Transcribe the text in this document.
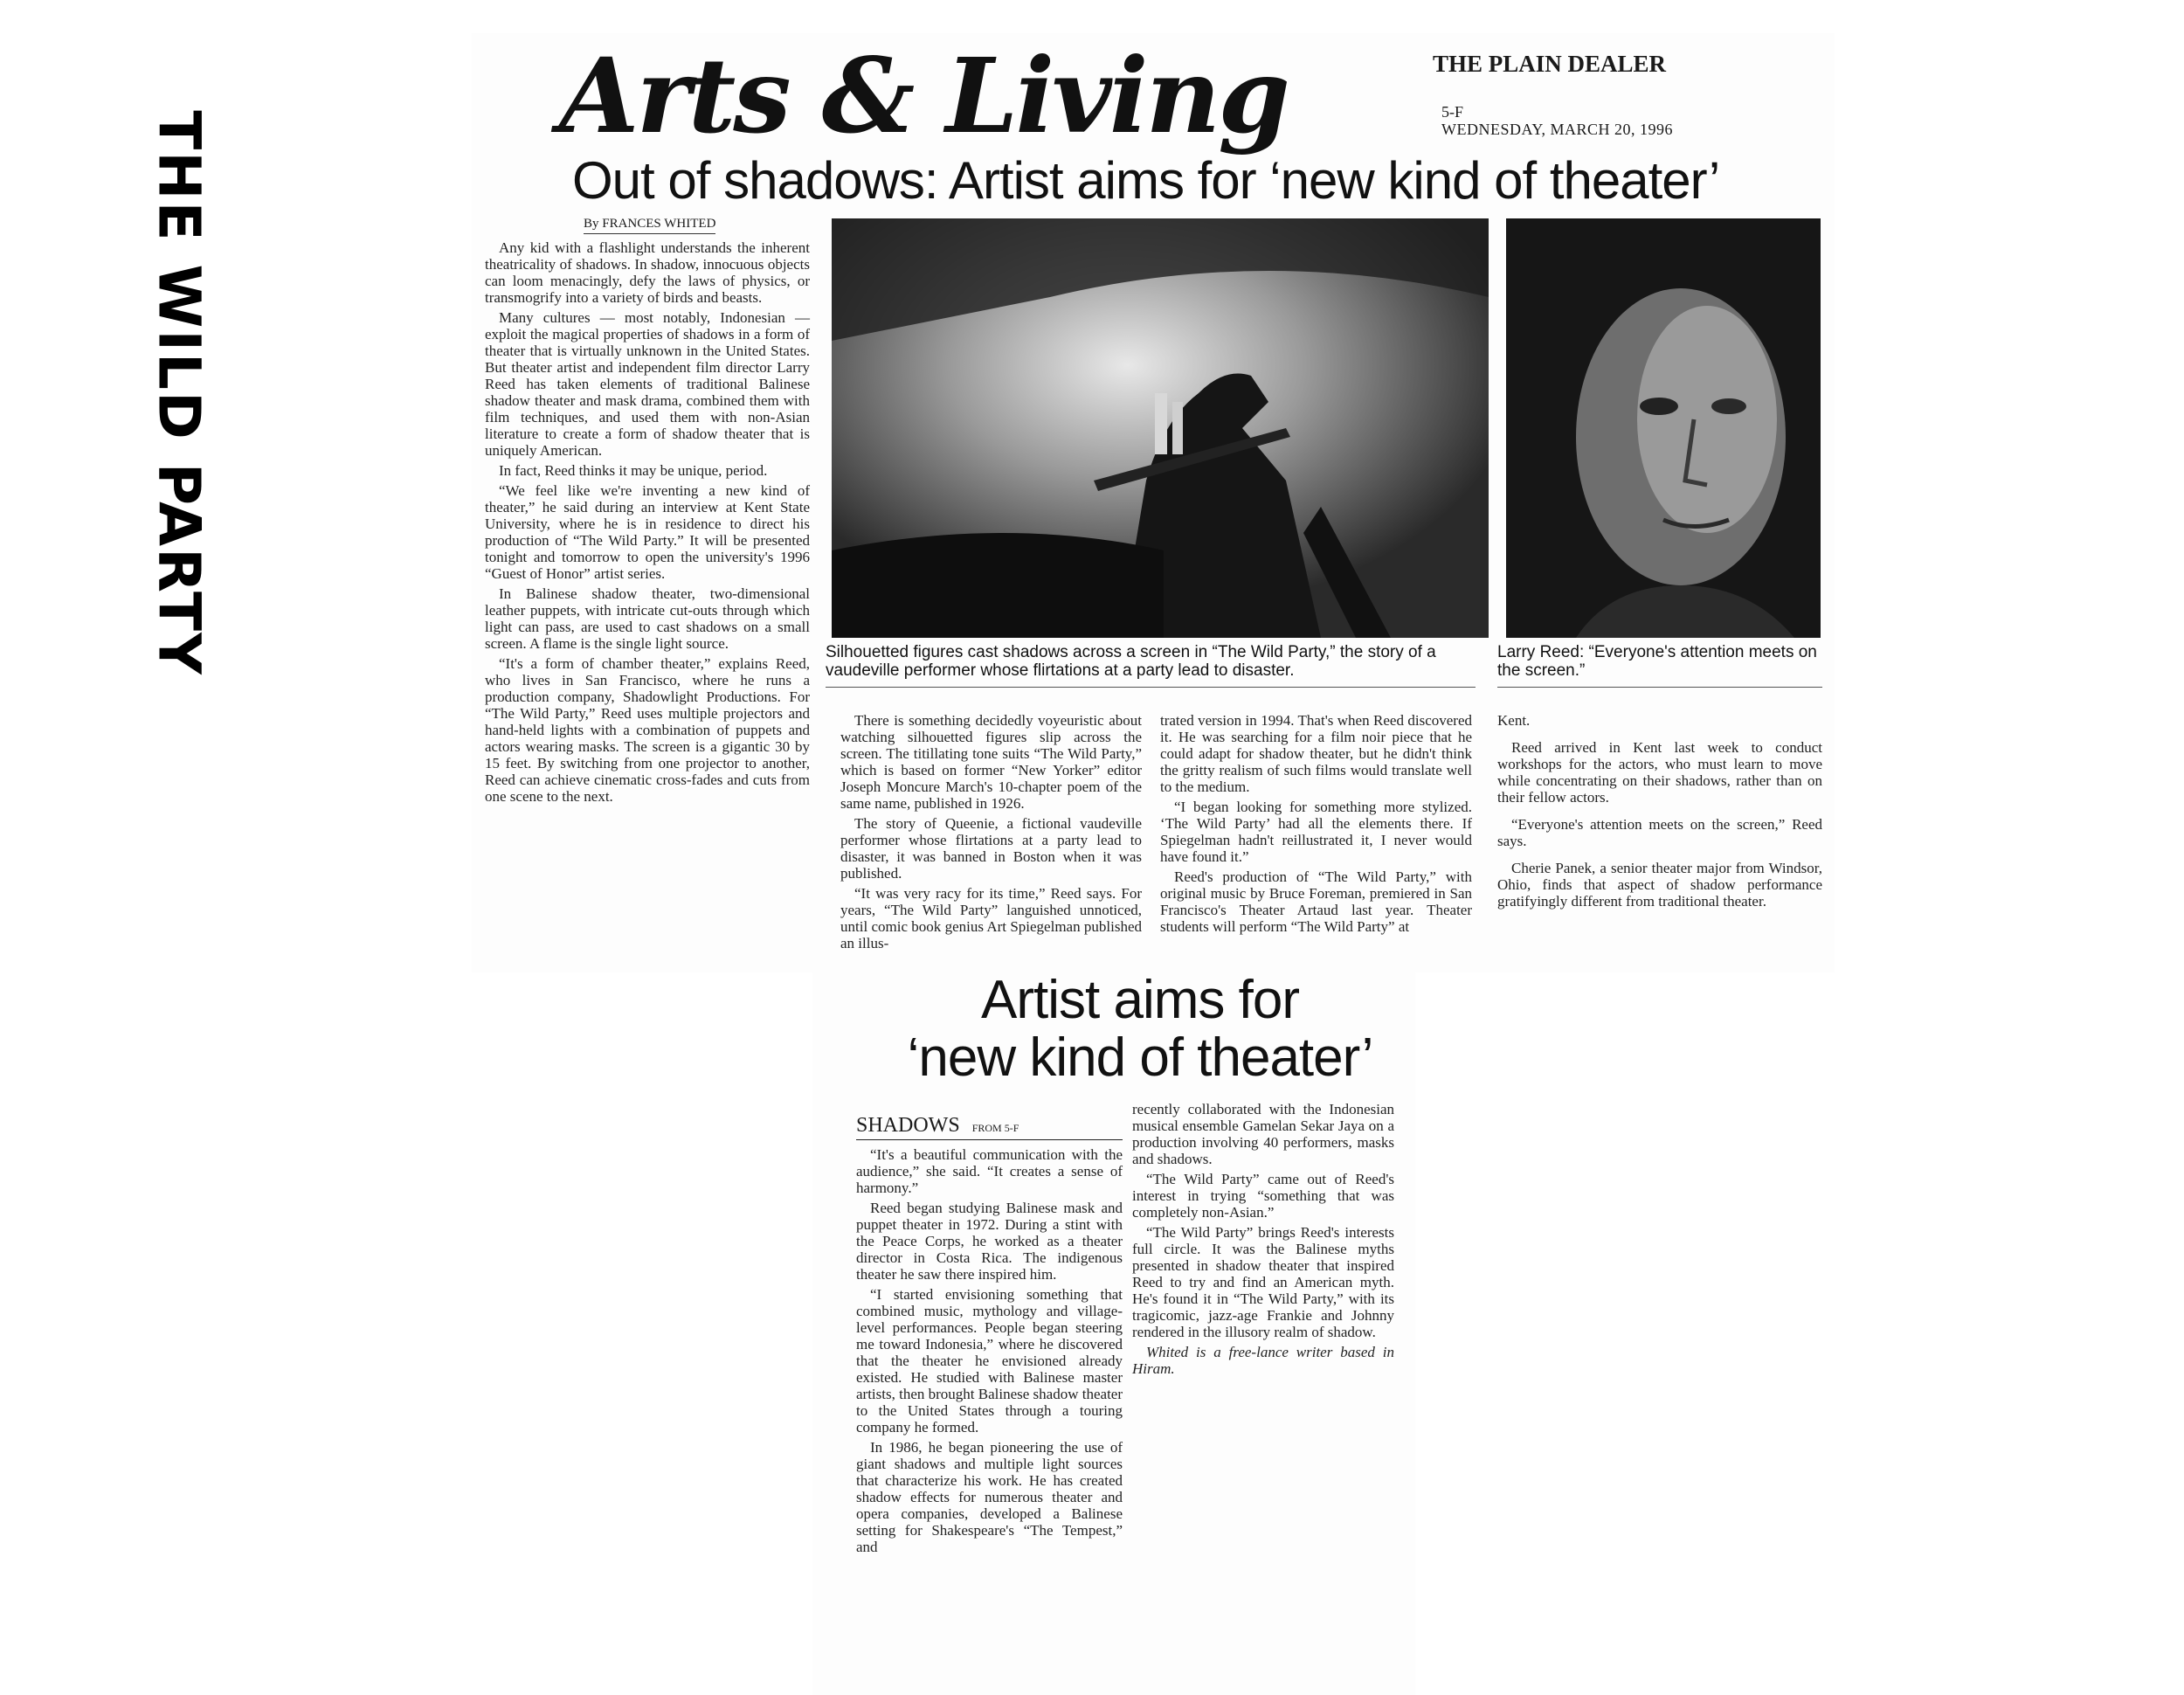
THE WILD PARTY
Arts & Living	THE PLAIN DEALER
5-F
WEDNESDAY, MARCH 20, 1996
Out of shadows: Artist aims for ‘new kind of theater’
By FRANCES WHITED

Any kid with a flashlight understands the inherent theatricality of shadows. In shadow, innocuous objects can loom menacingly, defy the laws of physics, or transmogrify into a variety of birds and beasts.

Many cultures — most notably, Indonesian — exploit the magical properties of shadows in a form of theater that is virtually unknown in the United States. But theater artist and independent film director Larry Reed has taken elements of traditional Balinese shadow theater and mask drama, combined them with film techniques, and used them with non-Asian literature to create a form of shadow theater that is uniquely American.

In fact, Reed thinks it may be unique, period.

“We feel like we're inventing a new kind of theater,” he said during an interview at Kent State University, where he is in residence to direct his production of “The Wild Party.” It will be presented tonight and tomorrow to open the university's 1996 “Guest of Honor” artist series.

In Balinese shadow theater, two-dimensional leather puppets, with intricate cut-outs through which light can pass, are used to cast shadows on a small screen. A flame is the single light source.

“It's a form of chamber theater,” explains Reed, who lives in San Francisco, where he runs a production company, Shadowlight Productions. For “The Wild Party,” Reed uses multiple projectors and hand-held lights with a combination of puppets and actors wearing masks. The screen is a gigantic 30 by 15 feet. By switching from one projector to another, Reed can achieve cinematic cross-fades and cuts from one scene to the next.

Silhouetted figures cast shadows across a screen in “The Wild Party,” the story of a vaudeville performer whose flirtations at a party lead to disaster.
Larry Reed: “Everyone's attention meets on the screen.”

There is something decidedly voyeuristic about watching silhouetted figures slip across the screen. The titillating tone suits “The Wild Party,” which is based on former “New Yorker” editor Joseph Moncure March's 10-chapter poem of the same name, published in 1926.

The story of Queenie, a fictional vaudeville performer whose flirtations at a party lead to disaster, it was banned in Boston when it was published.

“It was very racy for its time,” Reed says. For years, “The Wild Party” languished unnoticed, until comic book genius Art Spiegelman published an illus-

trated version in 1994. That's when Reed discovered it. He was searching for a film noir piece that he could adapt for shadow theater, but he didn't think the gritty realism of such films would translate well to the medium.

“I began looking for something more stylized. ‘The Wild Party’ had all the elements there. If Spiegelman hadn't reillustrated it, I never would have found it.”

Reed's production of “The Wild Party,” with original music by Bruce Foreman, premiered in San Francisco's Theater Artaud last year. Theater students will perform “The Wild Party” at

Kent.

Reed arrived in Kent last week to conduct workshops for the actors, who must learn to move while concentrating on their shadows, rather than on their fellow actors.

“Everyone's attention meets on the screen,” Reed says.

Cherie Panek, a senior theater major from Windsor, Ohio, finds that aspect of shadow performance gratifyingly different from traditional theater.

Artist aims for
‘new kind of theater’
SHADOWS FROM 5-F

“It's a beautiful communication with the audience,” she said. “It creates a sense of harmony.”

Reed began studying Balinese mask and puppet theater in 1972. During a stint with the Peace Corps, he worked as a theater director in Costa Rica. The indigenous theater he saw there inspired him.

“I started envisioning something that combined music, mythology and village-level performances. People began steering me toward Indonesia,” where he discovered that the theater he envisioned already existed. He studied with Balinese master artists, then brought Balinese shadow theater to the United States through a touring company he formed.

In 1986, he began pioneering the use of giant shadows and multiple light sources that characterize his work. He has created shadow effects for numerous theater and opera companies, developed a Balinese setting for Shakespeare's “The Tempest,” and

recently collaborated with the Indonesian musical ensemble Gamelan Sekar Jaya on a production involving 40 performers, masks and shadows.

“The Wild Party” came out of Reed's interest in trying “something that was completely non-Asian.”

“The Wild Party” brings Reed's interests full circle. It was the Balinese myths presented in shadow theater that inspired Reed to try and find an American myth. He's found it in “The Wild Party,” with its tragicomic, jazz-age Frankie and Johnny rendered in the illusory realm of shadow.

Whited is a free-lance writer based in Hiram.
